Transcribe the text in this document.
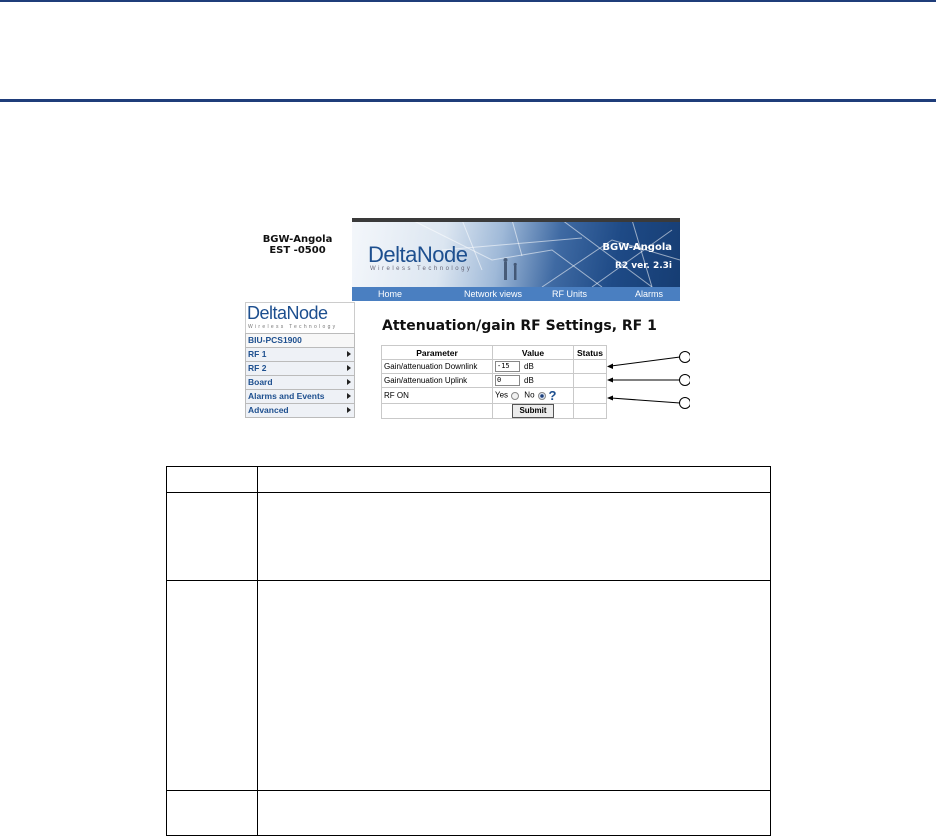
BGW-Angola
EST -0500	DeltaNode
Wireless Technology
BGW-Angola
R2 ver. 2.3i
Home	Network views	RF Units	Alarms
DeltaNode
Wireless Technology
BIU-PCS1900
RF 1
RF 2
Board
Alarms and Events
Advanced
Attenuation/gain RF Settings, RF 1
Parameter	Value	Status
Gain/attenuation Downlink	-15 dB	
Gain/attenuation Uplink	0 dB	
RF ON	Yes No ?	
	Submit	
